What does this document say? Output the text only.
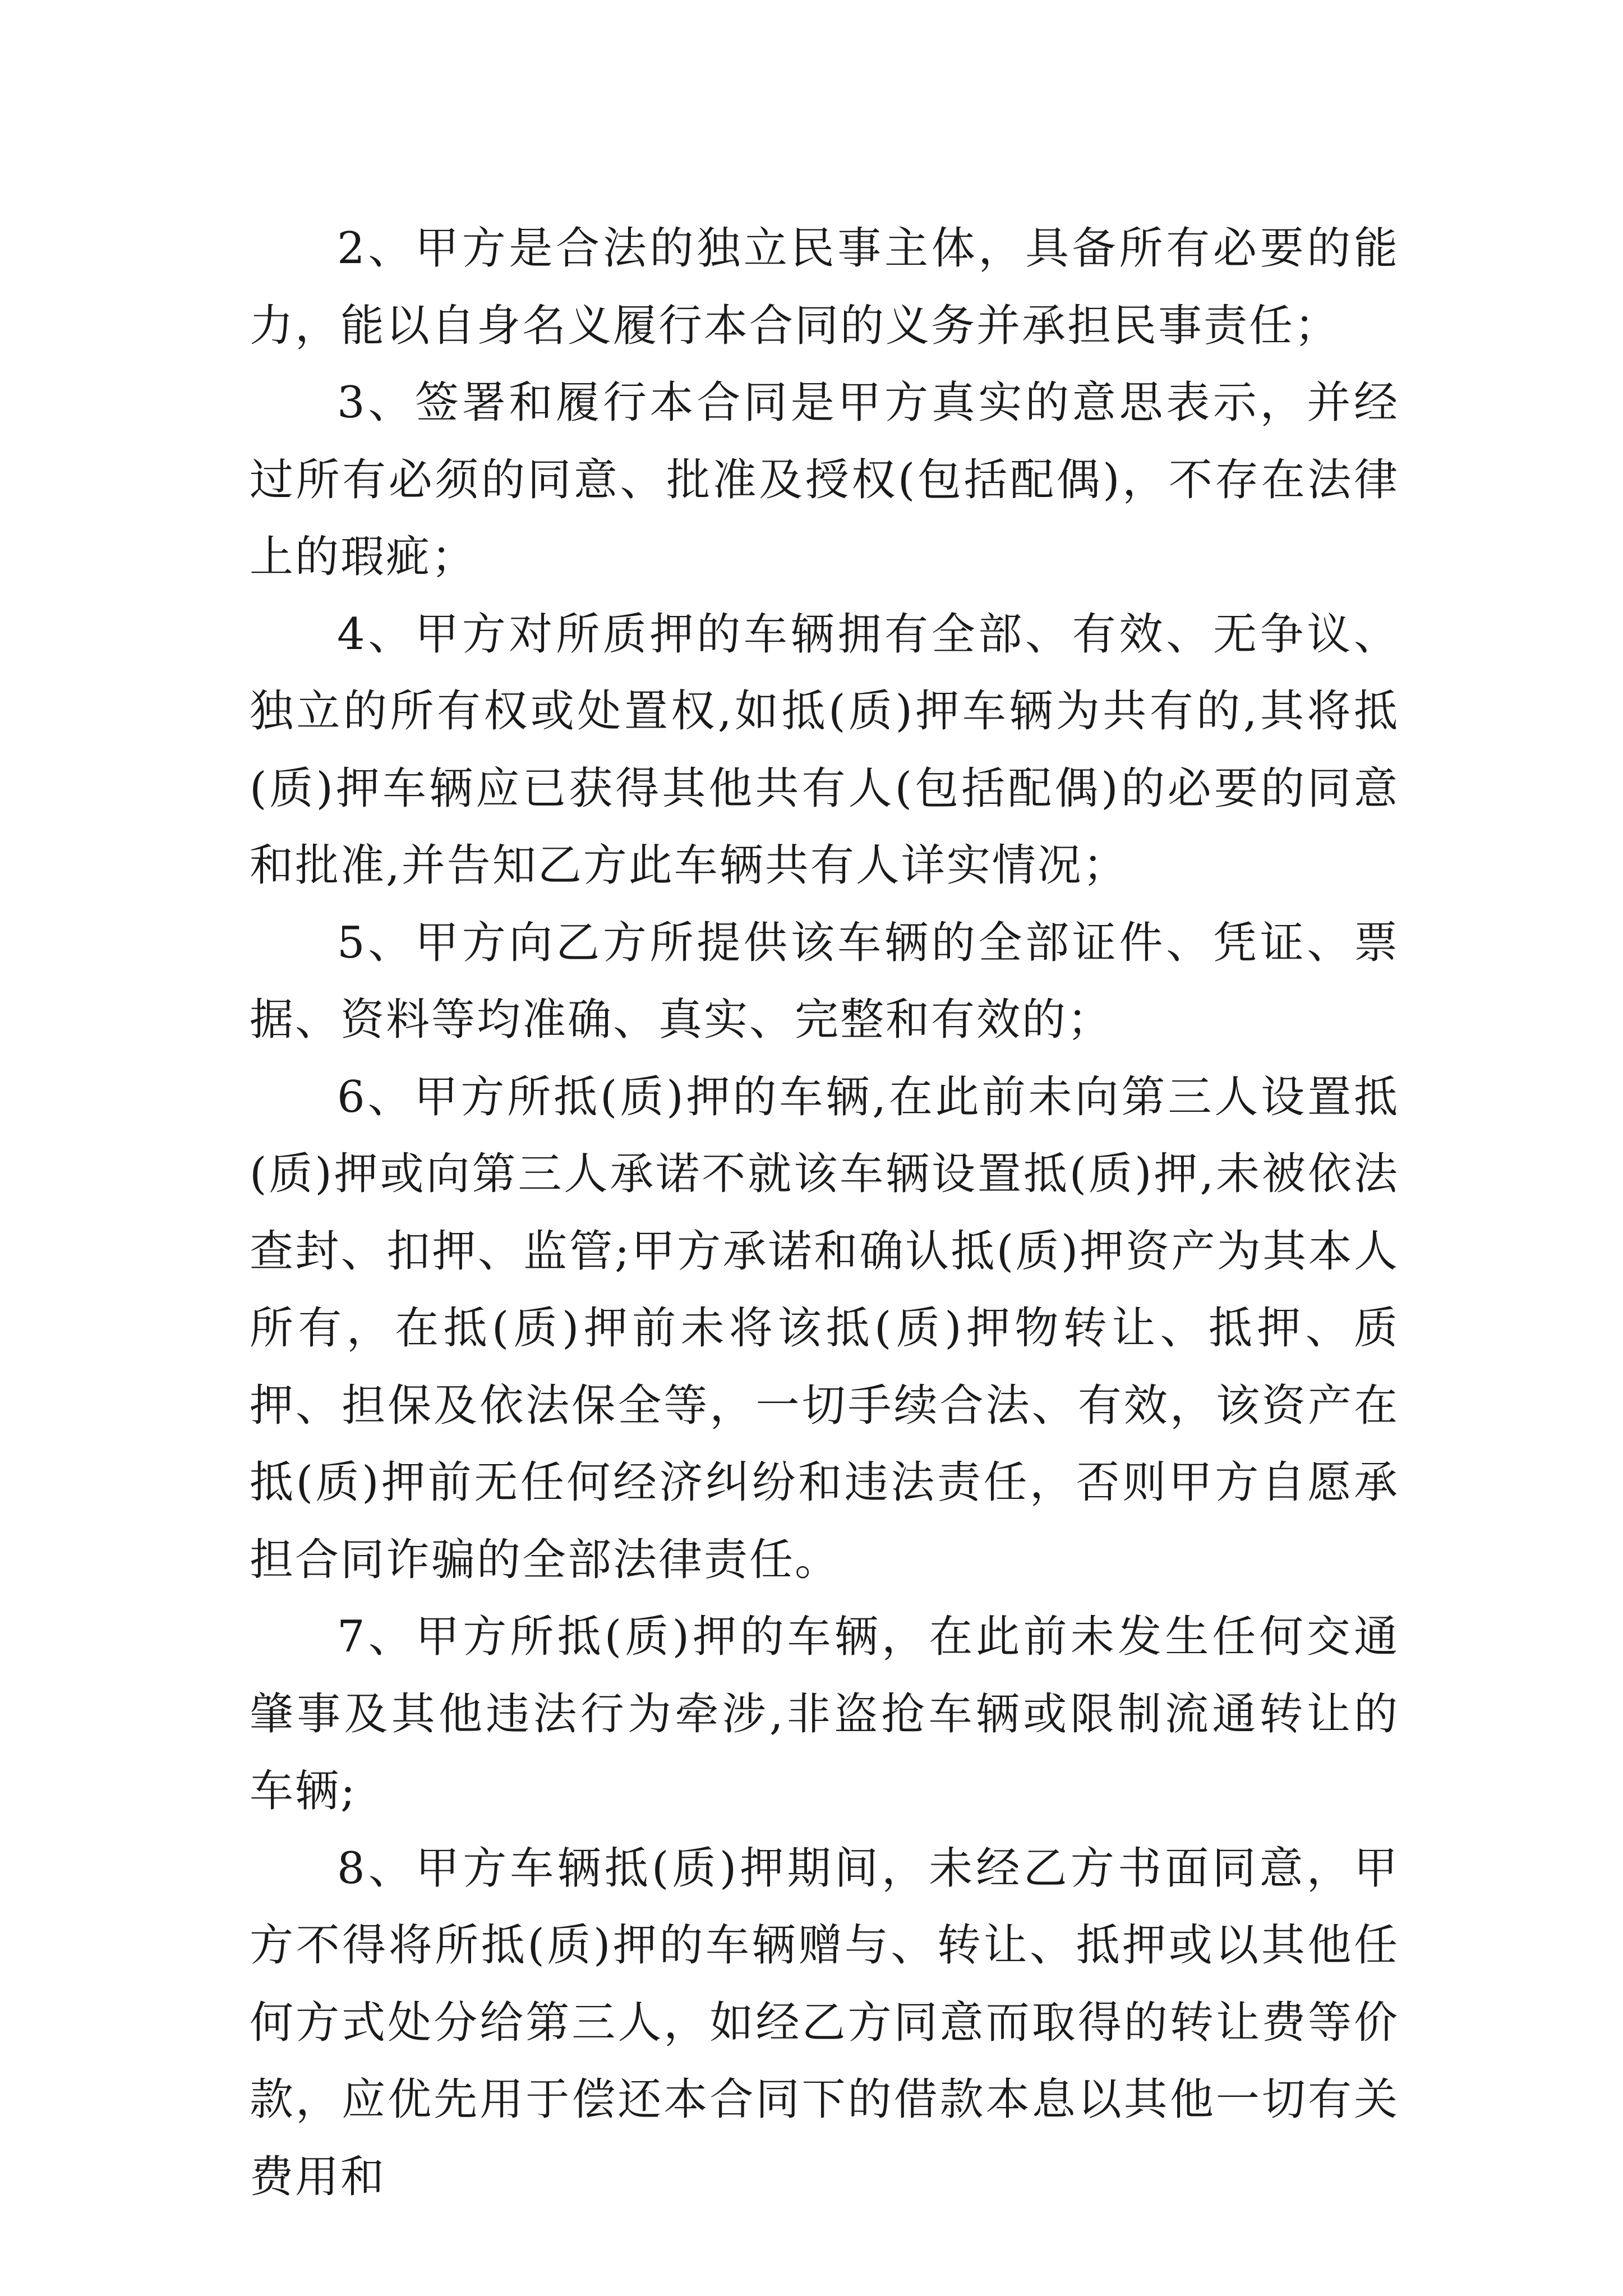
2、甲方是合法的独立民事主体，具备所有必要的能力，能以自身名义履行本合同的义务并承担民事责任；

3、签署和履行本合同是甲方真实的意思表示，并经过所有必须的同意、批准及授权(包括配偶)，不存在法律上的瑕疵；

4、甲方对所质押的车辆拥有全部、有效、无争议、独立的所有权或处置权,如抵(质)押车辆为共有的,其将抵(质)押车辆应已获得其他共有人(包括配偶)的必要的同意和批准,并告知乙方此车辆共有人详实情况；

5、甲方向乙方所提供该车辆的全部证件、凭证、票据、资料等均准确、真实、完整和有效的；

6、甲方所抵(质)押的车辆,在此前未向第三人设置抵(质)押或向第三人承诺不就该车辆设置抵(质)押,未被依法查封、扣押、监管;甲方承诺和确认抵(质)押资产为其本人所有，在抵(质)押前未将该抵(质)押物转让、抵押、质押、担保及依法保全等，一切手续合法、有效，该资产在抵(质)押前无任何经济纠纷和违法责任，否则甲方自愿承担合同诈骗的全部法律责任。

7、甲方所抵(质)押的车辆，在此前未发生任何交通肇事及其他违法行为牵涉,非盗抢车辆或限制流通转让的车辆;

8、甲方车辆抵(质)押期间，未经乙方书面同意，甲方不得将所抵(质)押的车辆赠与、转让、抵押或以其他任何方式处分给第三人，如经乙方同意而取得的转让费等价款，应优先用于偿还本合同下的借款本息以其他一切有关费用和
